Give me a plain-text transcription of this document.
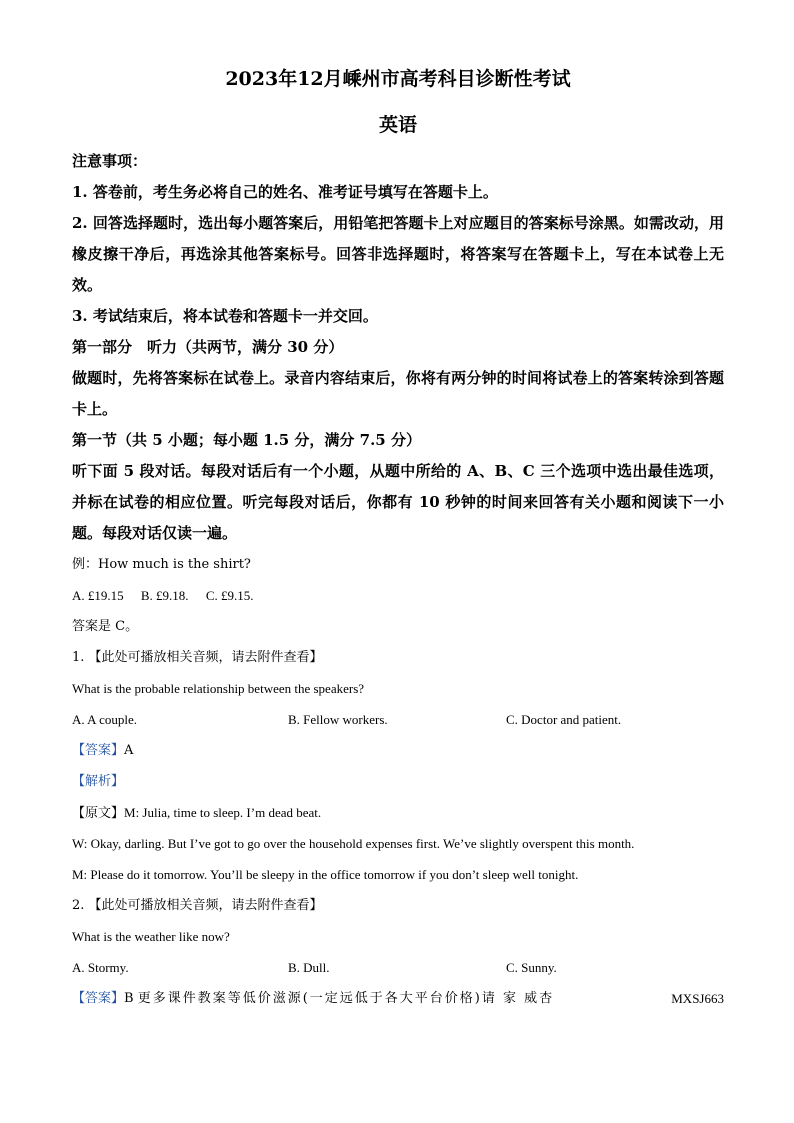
2023年12月嵊州市高考科目诊断性考试
英语

注意事项：

1. 答卷前，考生务必将自己的姓名、准考证号填写在答题卡上。

2. 回答选择题时，选出每小题答案后，用铅笔把答题卡上对应题目的答案标号涂黑。如需改动，用橡皮擦干净后，再选涂其他答案标号。回答非选择题时，将答案写在答题卡上，写在本试卷上无效。

3. 考试结束后，将本试卷和答题卡一并交回。

第一部分　听力（共两节，满分 30 分）

做题时，先将答案标在试卷上。录音内容结束后，你将有两分钟的时间将试卷上的答案转涂到答题卡上。

第一节（共 5 小题；每小题 1.5 分，满分 7.5 分）

听下面 5 段对话。每段对话后有一个小题，从题中所给的 A、B、C 三个选项中选出最佳选项，并标在试卷的相应位置。听完每段对话后，你都有 10 秒钟的时间来回答有关小题和阅读下一小题。每段对话仅读一遍。

例：How much is the shirt?

A. £19.15 B. £9.18. C. £9.15.

答案是 C。

1. 【此处可播放相关音频，请去附件查看】

What is the probable relationship between the speakers?

A. A couple.	B. Fellow workers.	C. Doctor and patient.

【答案】A

【解析】

【原文】M: Julia, time to sleep. I’m dead beat.

W: Okay, darling. But I’ve got to go over the household expenses first. We’ve slightly overspent this month.

M: Please do it tomorrow. You’ll be sleepy in the office tomorrow if you don’t sleep well tonight.

2. 【此处可播放相关音频，请去附件查看】

What is the weather like now?

A. Stormy.	B. Dull.	C. Sunny.
【答案】B 更多课件教案等低价滋源(一定远低于各大平台价格)请 家 威杏	MXSJ663
